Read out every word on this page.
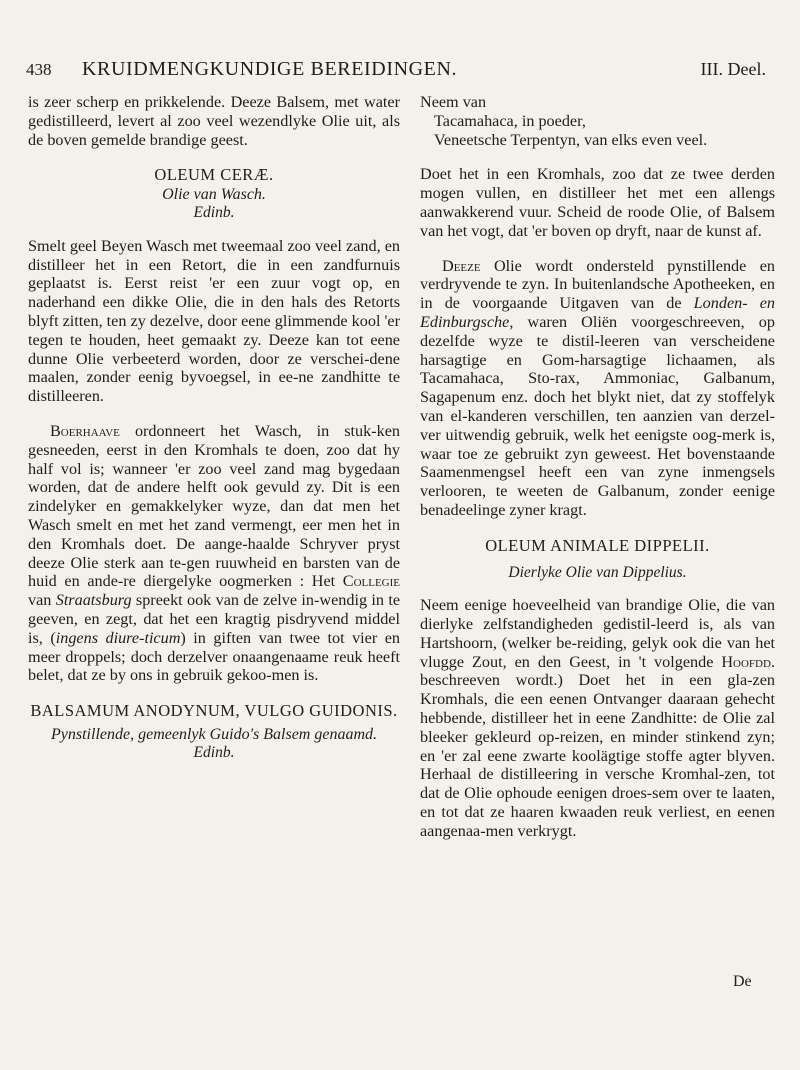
438 KRUIDMENGKUNDIGE BEREIDINGEN.	III. Deel.

is zeer scherp en prikkelende. Deeze Balsem, met water gedistilleerd, levert al zoo veel wezendlyke Olie uit, als de boven gemelde brandige geest.

OLEUM CERÆ.

Olie van Wasch.

Edinb.

Smelt geel Beyen Wasch met tweemaal zoo veel zand, en distilleer het in een Retort, die in een zandfurnuis geplaatst is. Eerst reist 'er een zuur vogt op, en naderhand een dikke Olie, die in den hals des Retorts blyft zitten, ten zy dezelve, door eene glimmende kool 'er tegen te houden, heet gemaakt zy. Deeze kan tot eene dunne Olie verbeeterd worden, door ze verschei-dene maalen, zonder eenig byvoegsel, in ee-ne zandhitte te distilleeren.

Boerhaave ordonneert het Wasch, in stuk-ken gesneeden, eerst in den Kromhals te doen, zoo dat hy half vol is; wanneer 'er zoo veel zand mag bygedaan worden, dat de andere helft ook gevuld zy. Dit is een zindelyker en gemakkelyker wyze, dan dat men het Wasch smelt en met het zand vermengt, eer men het in den Kromhals doet. De aange-haalde Schryver pryst deeze Olie sterk aan te-gen ruuwheid en barsten van de huid en ande-re diergelyke oogmerken : Het Collegie van Straatsburg spreekt ook van de zelve in-wendig in te geeven, en zegt, dat het een kragtig pisdryvend middel is, (ingens diure-ticum) in giften van twee tot vier en meer droppels; doch derzelver onaangenaame reuk heeft belet, dat ze by ons in gebruik gekoo-men is.

BALSAMUM ANODYNUM, VULGO GUIDONIS.

Pynstillende, gemeenlyk Guido's Balsem genaamd.

Edinb.

Neem van
Tacamahaca, in poeder,
Veneetsche Terpentyn, van elks even veel.

Doet het in een Kromhals, zoo dat ze twee derden mogen vullen, en distilleer het met een allengs aanwakkerend vuur. Scheid de roode Olie, of Balsem van het vogt, dat 'er boven op dryft, naar de kunst af.

Deeze Olie wordt ondersteld pynstillende en verdryvende te zyn. In buitenlandsche Apotheeken, en in de voorgaande Uitgaven van de Londen- en Edinburgsche, waren Oliën voorgeschreeven, op dezelfde wyze te distil-leeren van verscheidene harsagtige en Gom-harsagtige lichaamen, als Tacamahaca, Sto-rax, Ammoniac, Galbanum, Sagapenum enz. doch het blykt niet, dat zy stoffelyk van el-kanderen verschillen, ten aanzien van derzel-ver uitwendig gebruik, welk het eenigste oog-merk is, waar toe ze gebruikt zyn geweest. Het bovenstaande Saamenmengsel heeft een van zyne inmengsels verlooren, te weeten de Galbanum, zonder eenige benadeelinge zyner kragt.

OLEUM ANIMALE DIPPELII.

Dierlyke Olie van Dippelius.

Neem eenige hoeveelheid van brandige Olie, die van dierlyke zelfstandigheden gedistil-leerd is, als van Hartshoorn, (welker be-reiding, gelyk ook die van het vlugge Zout, en den Geest, in 't volgende Hoofdd. beschreeven wordt.) Doet het in een gla-zen Kromhals, die een eenen Ontvanger daaraan gehecht hebbende, distilleer het in eene Zandhitte: de Olie zal bleeker gekleurd op-reizen, en minder stinkend zyn; en 'er zal eene zwarte koolägtige stoffe agter blyven. Herhaal de distilleering in versche Kromhal-zen, tot dat de Olie ophoude eenigen droes-sem over te laaten, en tot dat ze haaren kwaaden reuk verliest, en eenen aangenaa-men verkrygt.

De
